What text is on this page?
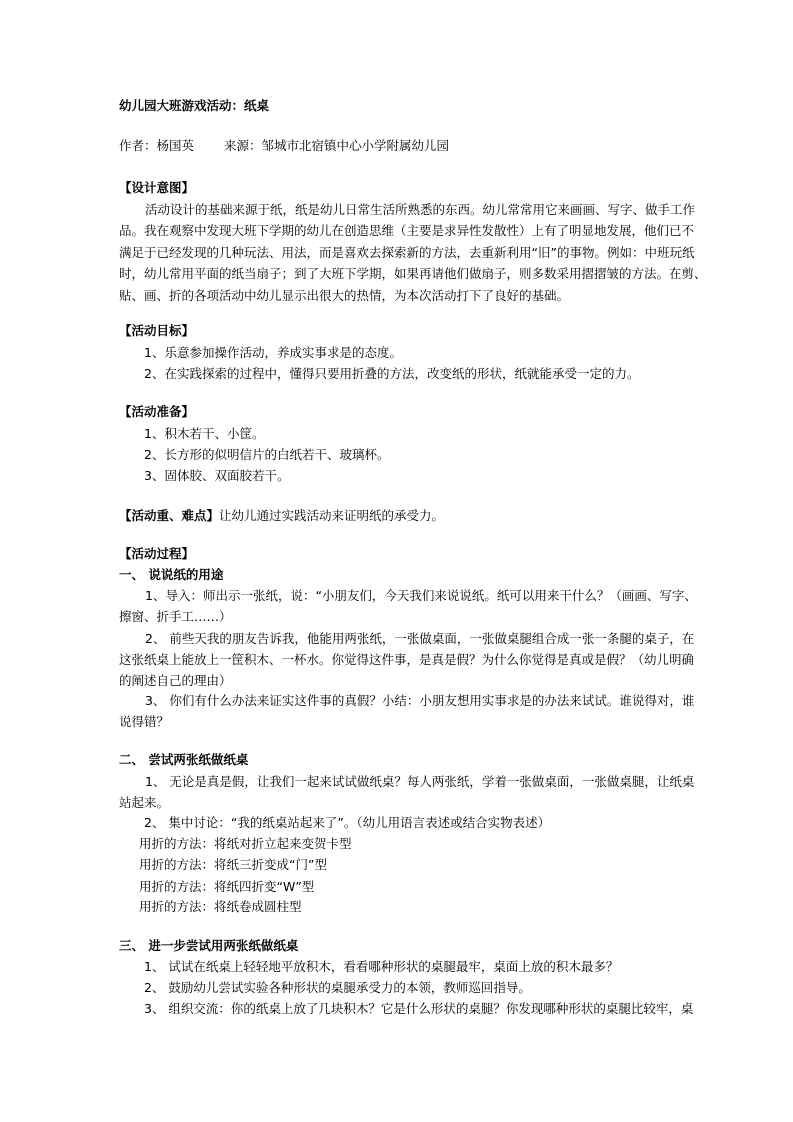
幼儿园大班游戏活动：纸桌
作者：杨国英 来源：邹城市北宿镇中心小学附属幼儿园
【设计意图】
活动设计的基础来源于纸，纸是幼儿日常生活所熟悉的东西。幼儿常常用它来画画、写字、做手工作
品。我在观察中发现大班下学期的幼儿在创造思维（主要是求异性发散性）上有了明显地发展，他们已不
满足于已经发现的几种玩法、用法，而是喜欢去探索新的方法，去重新利用“旧”的事物。例如：中班玩纸
时，幼儿常用平面的纸当扇子；到了大班下学期，如果再请他们做扇子，则多数采用摺摺皱的方法。在剪、
贴、画、折的各项活动中幼儿显示出很大的热情，为本次活动打下了良好的基础。
【活动目标】
1、乐意参加操作活动，养成实事求是的态度。
2、在实践探索的过程中，懂得只要用折叠的方法，改变纸的形状，纸就能承受一定的力。
【活动准备】
1、积木若干、小筐。
2、长方形的似明信片的白纸若干、玻璃杯。
3、固体胶、双面胶若干。
【活动重、难点】让幼儿通过实践活动来证明纸的承受力。
【活动过程】
一、 说说纸的用途
1、导入：师出示一张纸，说：“小朋友们，今天我们来说说纸。纸可以用来干什么？（画画、写字、
擦窗、折手工……）
2、 前些天我的朋友告诉我，他能用两张纸，一张做桌面，一张做桌腿组合成一张一条腿的桌子，在
这张纸桌上能放上一筐积木、一杯水。你觉得这件事，是真是假？为什么你觉得是真或是假？（幼儿明确
的阐述自己的理由）
3、 你们有什么办法来证实这件事的真假？小结：小朋友想用实事求是的办法来试试。谁说得对，谁
说得错？
二、 尝试两张纸做纸桌
1、 无论是真是假，让我们一起来试试做纸桌？每人两张纸，学着一张做桌面，一张做桌腿，让纸桌
站起来。
2、 集中讨论：“我的纸桌站起来了”。（幼儿用语言表述或结合实物表述）
用折的方法：将纸对折立起来变贺卡型
用折的方法：将纸三折变成“门”型
用折的方法：将纸四折变“W”型
用折的方法：将纸卷成圆柱型
三、 进一步尝试用两张纸做纸桌
1、 试试在纸桌上轻轻地平放积木，看看哪种形状的桌腿最牢，桌面上放的积木最多？
2、 鼓励幼儿尝试实验各种形状的桌腿承受力的本领，教师巡回指导。
3、 组织交流：你的纸桌上放了几块积木？它是什么形状的桌腿？你发现哪种形状的桌腿比较牢，桌
